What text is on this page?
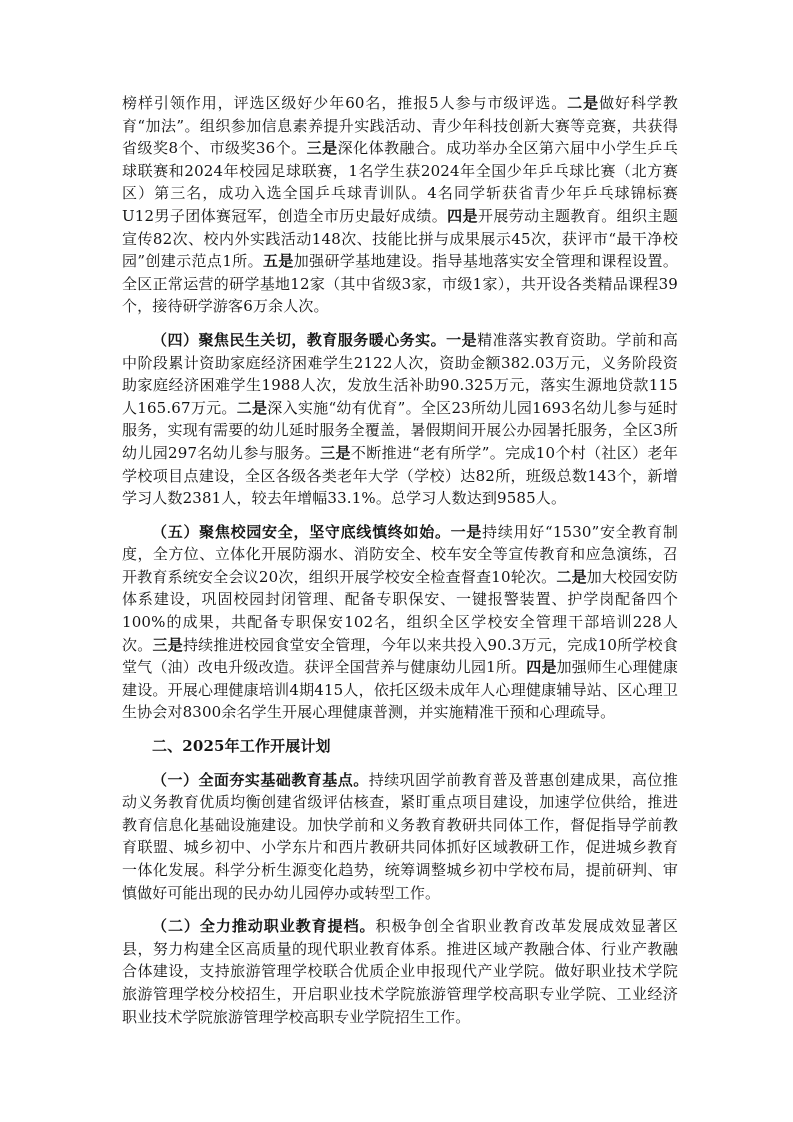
榜样引领作用，评选区级好少年60名，推报5人参与市级评选。二是做好科学教育“加法”。组织参加信息素养提升实践活动、青少年科技创新大赛等竞赛，共获得省级奖8个、市级奖36个。三是深化体教融合。成功举办全区第六届中小学生乒乓球联赛和2024年校园足球联赛，1名学生获2024年全国少年乒乓球比赛（北方赛区）第三名，成功入选全国乒乓球青训队。4名同学斩获省青少年乒乓球锦标赛U12男子团体赛冠军，创造全市历史最好成绩。四是开展劳动主题教育。组织主题宣传82次、校内外实践活动148次、技能比拼与成果展示45次，获评市“最干净校园”创建示范点1所。五是加强研学基地建设。指导基地落实安全管理和课程设置。全区正常运营的研学基地12家（其中省级3家，市级1家），共开设各类精品课程39个，接待研学游客6万余人次。

（四）聚焦民生关切，教育服务暖心务实。一是精准落实教育资助。学前和高中阶段累计资助家庭经济困难学生2122人次，资助金额382.03万元，义务阶段资助家庭经济困难学生1988人次，发放生活补助90.325万元，落实生源地贷款115人165.67万元。二是深入实施“幼有优育”。全区23所幼儿园1693名幼儿参与延时服务，实现有需要的幼儿延时服务全覆盖，暑假期间开展公办园暑托服务，全区3所幼儿园297名幼儿参与服务。三是不断推进“老有所学”。完成10个村（社区）老年学校项目点建设，全区各级各类老年大学（学校）达82所，班级总数143个，新增学习人数2381人，较去年增幅33.1%。总学习人数达到9585人。

（五）聚焦校园安全，坚守底线慎终如始。一是持续用好“1530”安全教育制度，全方位、立体化开展防溺水、消防安全、校车安全等宣传教育和应急演练，召开教育系统安全会议20次，组织开展学校安全检查督查10轮次。二是加大校园安防体系建设，巩固校园封闭管理、配备专职保安、一键报警装置、护学岗配备四个100%的成果，共配备专职保安102名，组织全区学校安全管理干部培训228人次。三是持续推进校园食堂安全管理，今年以来共投入90.3万元，完成10所学校食堂气（油）改电升级改造。获评全国营养与健康幼儿园1所。四是加强师生心理健康建设。开展心理健康培训4期415人，依托区级未成年人心理健康辅导站、区心理卫生协会对8300余名学生开展心理健康普测，并实施精准干预和心理疏导。

二、2025年工作开展计划

（一）全面夯实基础教育基点。持续巩固学前教育普及普惠创建成果，高位推动义务教育优质均衡创建省级评估核查，紧盯重点项目建设，加速学位供给，推进教育信息化基础设施建设。加快学前和义务教育教研共同体工作，督促指导学前教育联盟、城乡初中、小学东片和西片教研共同体抓好区域教研工作，促进城乡教育一体化发展。科学分析生源变化趋势，统筹调整城乡初中学校布局，提前研判、审慎做好可能出现的民办幼儿园停办或转型工作。

（二）全力推动职业教育提档。积极争创全省职业教育改革发展成效显著区县，努力构建全区高质量的现代职业教育体系。推进区域产教融合体、行业产教融合体建设，支持旅游管理学校联合优质企业申报现代产业学院。做好职业技术学院旅游管理学校分校招生，开启职业技术学院旅游管理学校高职专业学院、工业经济职业技术学院旅游管理学校高职专业学院招生工作。
